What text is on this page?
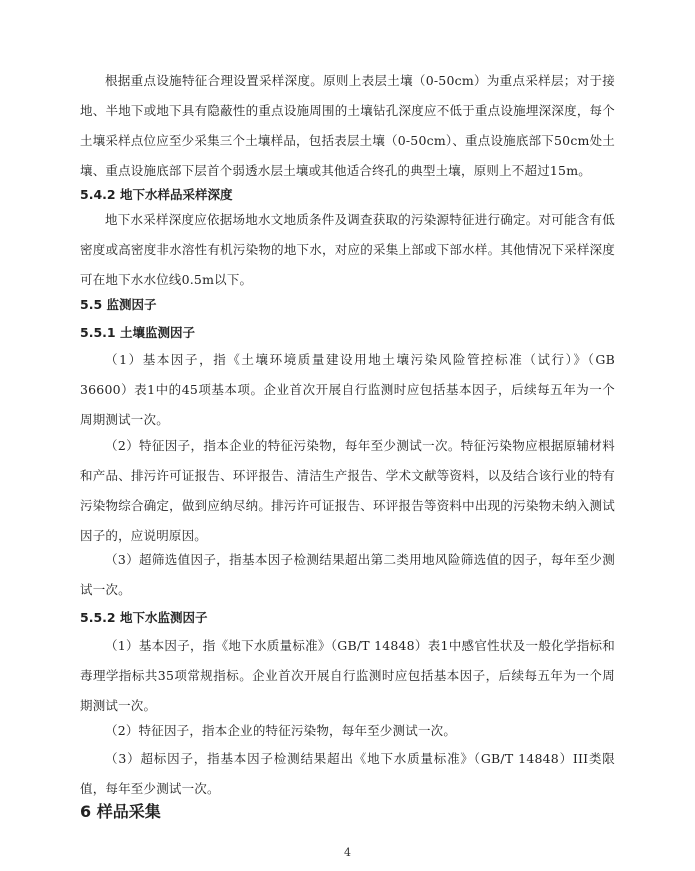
根据重点设施特征合理设置采样深度。原则上表层土壤（0-50cm）为重点采样层；对于接地、半地下或地下具有隐蔽性的重点设施周围的土壤钻孔深度应不低于重点设施埋深深度，每个土壤采样点位应至少采集三个土壤样品，包括表层土壤（0-50cm）、重点设施底部下50cm处土壤、重点设施底部下层首个弱透水层土壤或其他适合终孔的典型土壤，原则上不超过15m。
5.4.2 地下水样品采样深度
地下水采样深度应依据场地水文地质条件及调查获取的污染源特征进行确定。对可能含有低密度或高密度非水溶性有机污染物的地下水，对应的采集上部或下部水样。其他情况下采样深度可在地下水水位线0.5m以下。
5.5 监测因子
5.5.1 土壤监测因子
（1）基本因子，指《土壤环境质量建设用地土壤污染风险管控标准（试行）》（GB 36600）表1中的45项基本项。企业首次开展自行监测时应包括基本因子，后续每五年为一个周期测试一次。
（2）特征因子，指本企业的特征污染物，每年至少测试一次。特征污染物应根据原辅材料和产品、排污许可证报告、环评报告、清洁生产报告、学术文献等资料，以及结合该行业的特有污染物综合确定，做到应纳尽纳。排污许可证报告、环评报告等资料中出现的污染物未纳入测试因子的，应说明原因。
（3）超筛选值因子，指基本因子检测结果超出第二类用地风险筛选值的因子，每年至少测试一次。
5.5.2 地下水监测因子
（1）基本因子，指《地下水质量标准》（GB/T 14848）表1中感官性状及一般化学指标和毒理学指标共35项常规指标。企业首次开展自行监测时应包括基本因子，后续每五年为一个周期测试一次。
（2）特征因子，指本企业的特征污染物，每年至少测试一次。
（3）超标因子，指基本因子检测结果超出《地下水质量标准》（GB/T 14848）III类限值，每年至少测试一次。
6 样品采集
4
